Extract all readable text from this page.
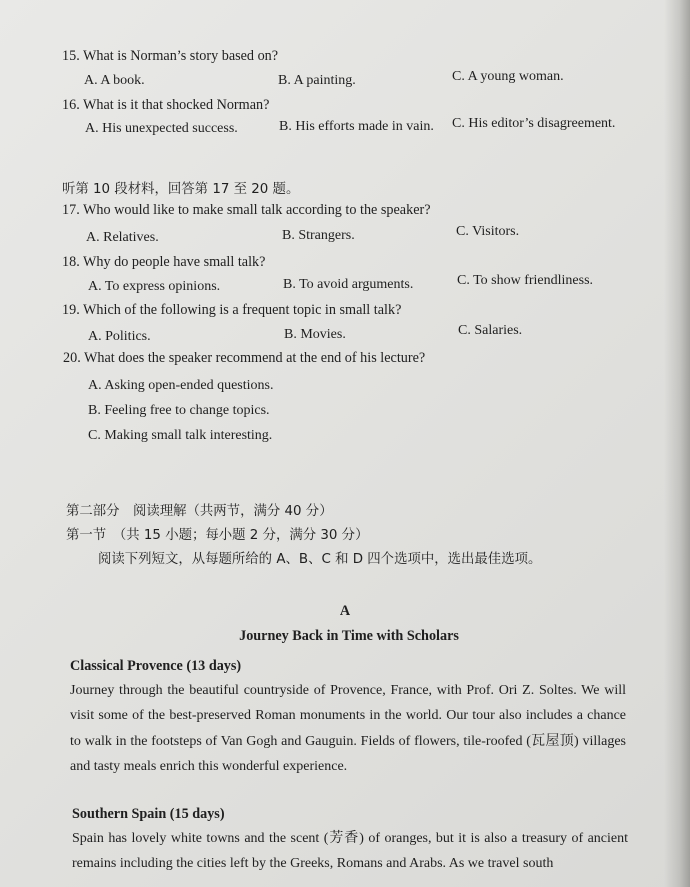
15. What is Norman’s story based on?
A. A book.	B. A painting.	C. A young woman.
16. What is it that shocked Norman?
A. His unexpected success.	B. His efforts made in vain. C. His editor’s disagreement.
听第 10 段材料，回答第 17 至 20 题。
17. Who would like to make small talk according to the speaker?
A. Relatives.	B. Strangers.	C. Visitors.
18. Why do people have small talk?
A. To express opinions.	B. To avoid arguments.	C. To show friendliness.
19. Which of the following is a frequent topic in small talk?
A. Politics.	B. Movies.	C. Salaries.
20. What does the speaker recommend at the end of his lecture?
A. Asking open-ended questions.
B. Feeling free to change topics.
C. Making small talk interesting.
第二部分　阅读理解（共两节，满分 40 分）
第一节　（共 15 小题；每小题 2 分，满分 30 分）
阅读下列短文，从每题所给的 A、B、C 和 D 四个选项中，选出最佳选项。
A
Journey Back in Time with Scholars
Classical Provence (13 days)
Journey through the beautiful countryside of Provence, France, with Prof. Ori Z. Soltes. We will visit some of the best-preserved Roman monuments in the world. Our tour also includes a chance to walk in the footsteps of Van Gogh and Gauguin. Fields of flowers, tile-roofed (瓦屋顶) villages and tasty meals enrich this wonderful experience.
Southern Spain (15 days)
Spain has lovely white towns and the scent (芳香) of oranges, but it is also a treasury of ancient remains including the cities left by the Greeks, Romans and Arabs. As we travel south
